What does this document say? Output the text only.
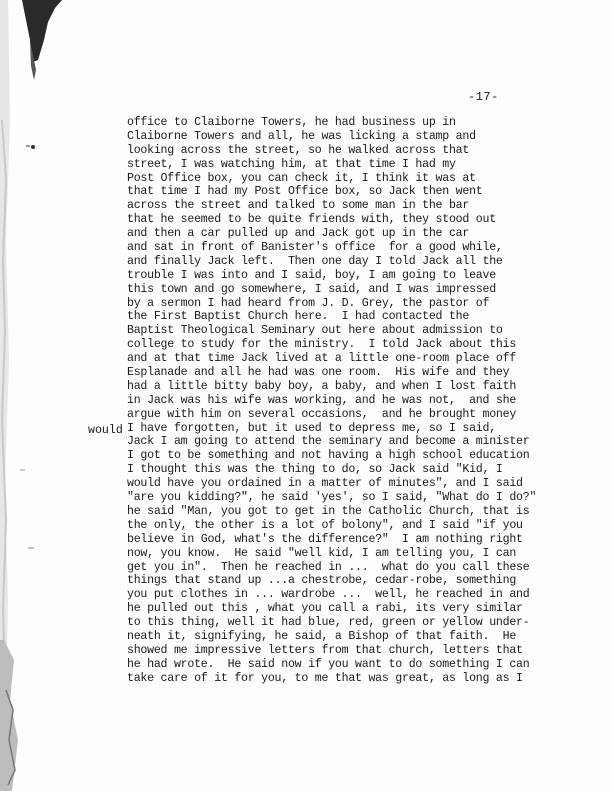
-17-
would
office to Claiborne Towers, he had business up in
Claiborne Towers and all, he was licking a stamp and
looking across the street, so he walked across that
street, I was watching him, at that time I had my
Post Office box, you can check it, I think it was at
that time I had my Post Office box, so Jack then went
across the street and talked to some man in the bar
that he seemed to be quite friends with, they stood out
and then a car pulled up and Jack got up in the car
and sat in front of Banister's office  for a good while,
and finally Jack left.  Then one day I told Jack all the
trouble I was into and I said, boy, I am going to leave
this town and go somewhere, I said, and I was impressed
by a sermon I had heard from J. D. Grey, the pastor of
the First Baptist Church here.  I had contacted the
Baptist Theological Seminary out here about admission to
college to study for the ministry.  I told Jack about this
and at that time Jack lived at a little one-room place off
Esplanade and all he had was one room.  His wife and they
had a little bitty baby boy, a baby, and when I lost faith
in Jack was his wife was working, and he was not,  and she
argue with him on several occasions,  and he brought money
I have forgotten, but it used to depress me, so I said,
Jack I am going to attend the seminary and become a minister
I got to be something and not having a high school education
I thought this was the thing to do, so Jack said "Kid, I
would have you ordained in a matter of minutes", and I said
"are you kidding?", he said 'yes', so I said, "What do I do?"
he said "Man, you got to get in the Catholic Church, that is
the only, the other is a lot of bolony", and I said "if you
believe in God, what's the difference?"  I am nothing right
now, you know.  He said "well kid, I am telling you, I can
get you in".  Then he reached in ...  what do you call these
things that stand up ...a chestrobe, cedar-robe, something
you put clothes in ... wardrobe ...  well, he reached in and
he pulled out this , what you call a rabi, its very similar
to this thing, well it had blue, red, green or yellow under-
neath it, signifying, he said, a Bishop of that faith.  He
showed me impressive letters from that church, letters that
he had wrote.  He said now if you want to do something I can
take care of it for you, to me that was great, as long as I
